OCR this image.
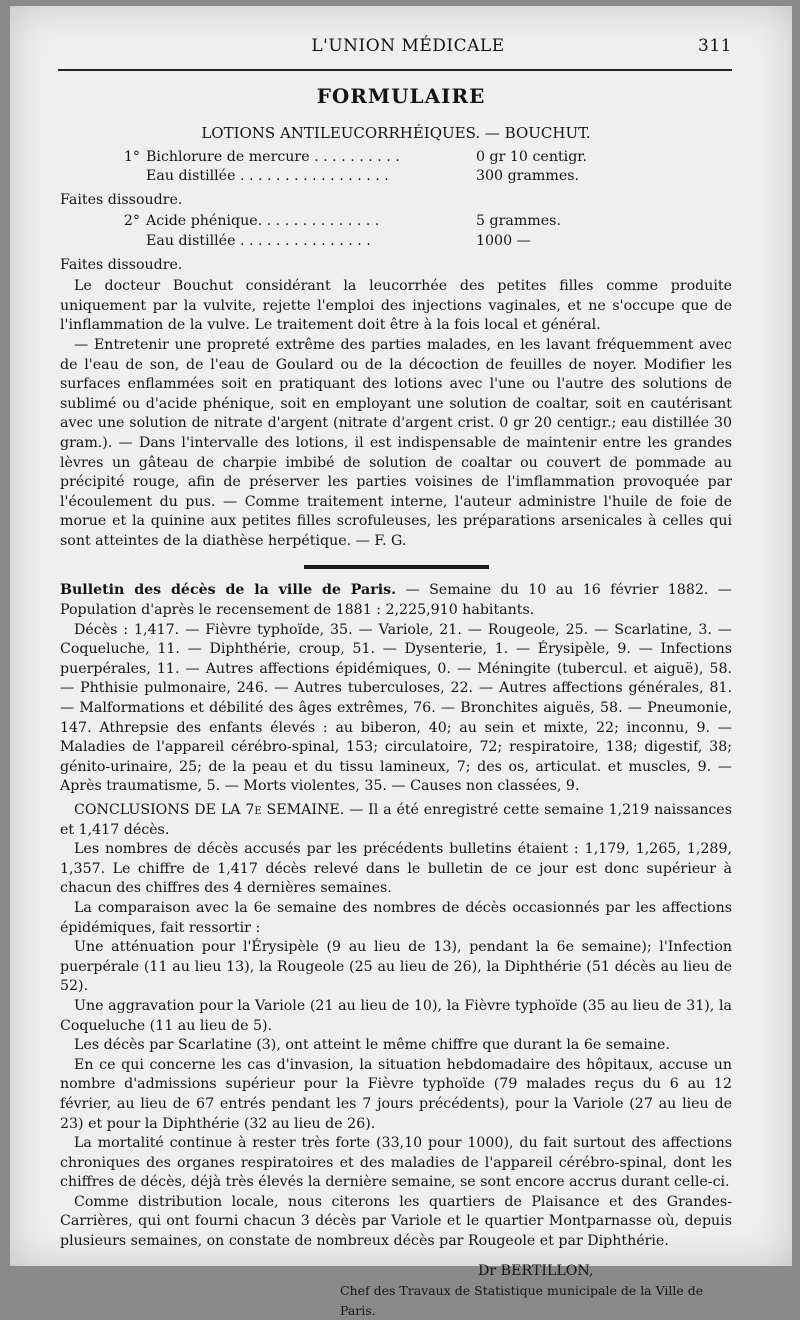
L'UNION MÉDICALE	311
FORMULAIRE
LOTIONS ANTILEUCORRHÉIQUES. — BOUCHUT.
1° Bichlorure de mercure . . . . . . . . . .	0 gr 10 centigr.
Eau distillée . . . . . . . . . . . . . . . . .	300 grammes.
Faites dissoudre.
2° Acide phénique. . . . . . . . . . . . . .	5 grammes.
Eau distillée . . . . . . . . . . . . . . .	1000 —
Faites dissoudre.

Le docteur Bouchut considérant la leucorrhée des petites filles comme produite uniquement par la vulvite, rejette l'emploi des injections vaginales, et ne s'occupe que de l'inflammation de la vulve. Le traitement doit être à la fois local et général.

— Entretenir une propreté extrême des parties malades, en les lavant fréquemment avec de l'eau de son, de l'eau de Goulard ou de la décoction de feuilles de noyer. Modifier les surfaces enflammées soit en pratiquant des lotions avec l'une ou l'autre des solutions de sublimé ou d'acide phénique, soit en employant une solution de coaltar, soit en cautérisant avec une solution de nitrate d'argent (nitrate d'argent crist. 0 gr 20 centigr.; eau distillée 30 gram.). — Dans l'intervalle des lotions, il est indispensable de maintenir entre les grandes lèvres un gâteau de charpie imbibé de solution de coaltar ou couvert de pommade au précipité rouge, afin de préserver les parties voisines de l'imflammation provoquée par l'écoulement du pus. — Comme traitement interne, l'auteur administre l'huile de foie de morue et la quinine aux petites filles scrofuleuses, les préparations arsenicales à celles qui sont atteintes de la diathèse herpétique. — F. G.

Bulletin des décès de la ville de Paris. — Semaine du 10 au 16 février 1882. — Population d'après le recensement de 1881 : 2,225,910 habitants.

Décès : 1,417. — Fièvre typhoïde, 35. — Variole, 21. — Rougeole, 25. — Scarlatine, 3. — Coqueluche, 11. — Diphthérie, croup, 51. — Dysenterie, 1. — Érysipèle, 9. — Infections puerpérales, 11. — Autres affections épidémiques, 0. — Méningite (tubercul. et aiguë), 58. — Phthisie pulmonaire, 246. — Autres tuberculoses, 22. — Autres affections générales, 81. — Malformations et débilité des âges extrêmes, 76. — Bronchites aiguës, 58. — Pneumonie, 147. Athrepsie des enfants élevés : au biberon, 40; au sein et mixte, 22; inconnu, 9. — Maladies de l'appareil cérébro-spinal, 153; circulatoire, 72; respiratoire, 138; digestif, 38; génito-urinaire, 25; de la peau et du tissu lamineux, 7; des os, articulat. et muscles, 9. — Après traumatisme, 5. — Morts violentes, 35. — Causes non classées, 9.

CONCLUSIONS DE LA 7e SEMAINE. — Il a été enregistré cette semaine 1,219 naissances et 1,417 décès.

Les nombres de décès accusés par les précédents bulletins étaient : 1,179, 1,265, 1,289, 1,357. Le chiffre de 1,417 décès relevé dans le bulletin de ce jour est donc supérieur à chacun des chiffres des 4 dernières semaines.

La comparaison avec la 6e semaine des nombres de décès occasionnés par les affections épidémiques, fait ressortir :

Une atténuation pour l'Érysipèle (9 au lieu de 13), pendant la 6e semaine); l'Infection puerpérale (11 au lieu 13), la Rougeole (25 au lieu de 26), la Diphthérie (51 décès au lieu de 52).

Une aggravation pour la Variole (21 au lieu de 10), la Fièvre typhoïde (35 au lieu de 31), la Coqueluche (11 au lieu de 5).

Les décès par Scarlatine (3), ont atteint le même chiffre que durant la 6e semaine.

En ce qui concerne les cas d'invasion, la situation hebdomadaire des hôpitaux, accuse un nombre d'admissions supérieur pour la Fièvre typhoïde (79 malades reçus du 6 au 12 février, au lieu de 67 entrés pendant les 7 jours précédents), pour la Variole (27 au lieu de 23) et pour la Diphthérie (32 au lieu de 26).

La mortalité continue à rester très forte (33,10 pour 1000), du fait surtout des affections chroniques des organes respiratoires et des maladies de l'appareil cérébro-spinal, dont les chiffres de décès, déjà très élevés la dernière semaine, se sont encore accrus durant celle-ci.

Comme distribution locale, nous citerons les quartiers de Plaisance et des Grandes-Carrières, qui ont fourni chacun 3 décès par Variole et le quartier Montparnasse où, depuis plusieurs semaines, on constate de nombreux décès par Rougeole et par Diphthérie.

Dr BERTILLON,
Chef des Travaux de Statistique municipale de la Ville de Paris.
